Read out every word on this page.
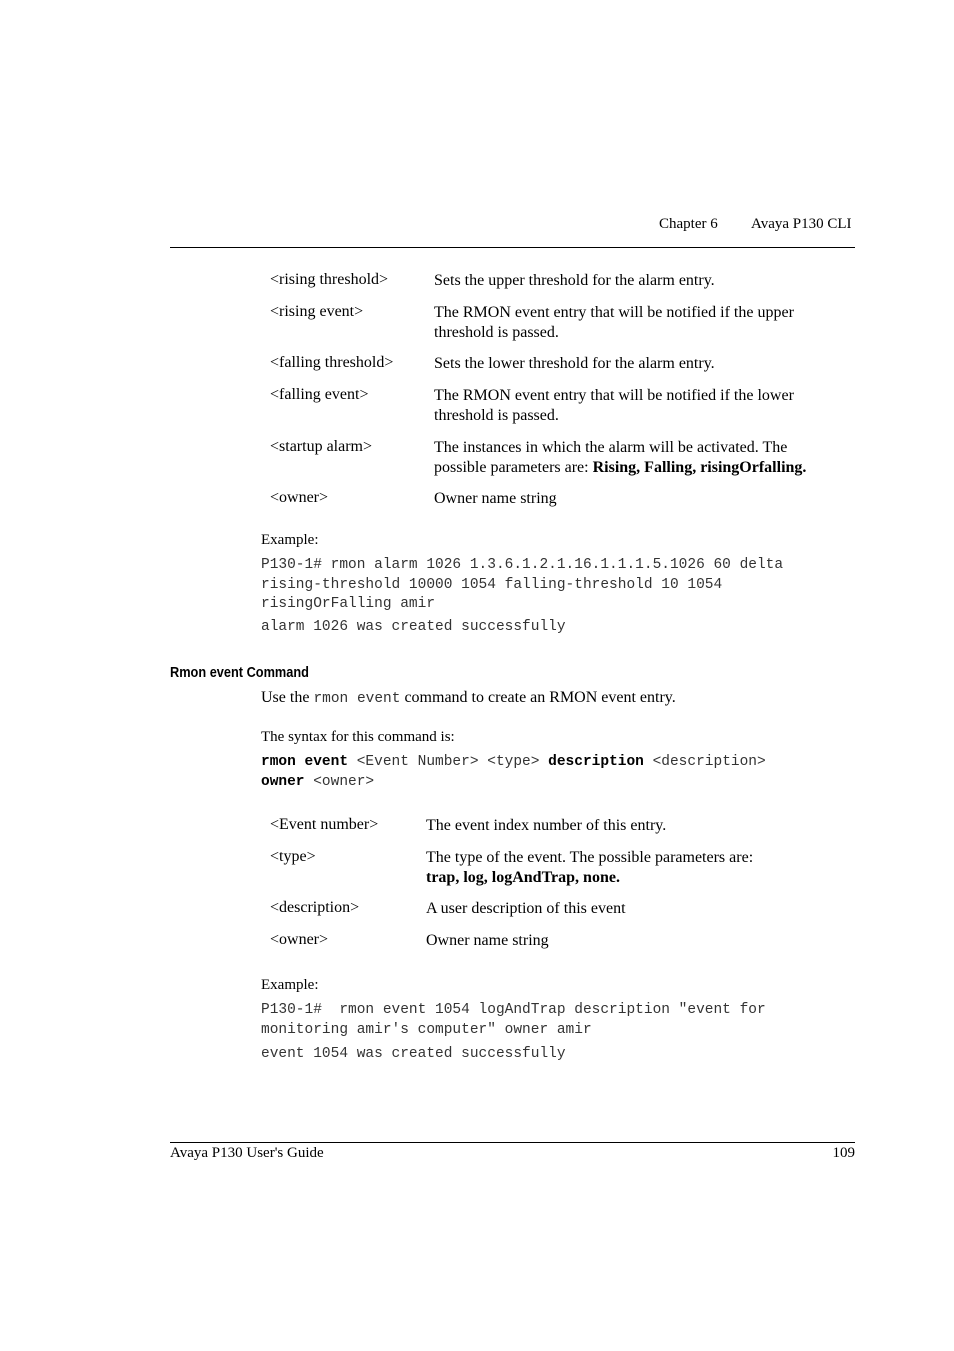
Chapter 6 Avaya P130 CLI
<rising threshold>	Sets the upper threshold for the alarm entry.
<rising event>	The RMON event entry that will be notified if the upper
threshold is passed.
<falling threshold>	Sets the lower threshold for the alarm entry.
<falling event>	The RMON event entry that will be notified if the lower
threshold is passed.
<startup alarm>	The instances in which the alarm will be activated. The
possible parameters are: Rising, Falling, risingOrfalling.
<owner>	Owner name string
Example:
P130-1# rmon alarm 1026 1.3.6.1.2.1.16.1.1.1.5.1026 60 delta
rising-threshold 10000 1054 falling-threshold 10 1054
risingOrFalling amir
alarm 1026 was created successfully
Rmon event Command
Use the rmon event command to create an RMON event entry.
The syntax for this command is:
rmon event <Event Number> <type> description <description>
owner <owner>
<Event number>	The event index number of this entry.
<type>	The type of the event. The possible parameters are:
trap, log, logAndTrap, none.
<description>	A user description of this event
<owner>	Owner name string
Example:
P130-1#  rmon event 1054 logAndTrap description "event for
monitoring amir's computer" owner amir
event 1054 was created successfully
Avaya P130 User's Guide	109
